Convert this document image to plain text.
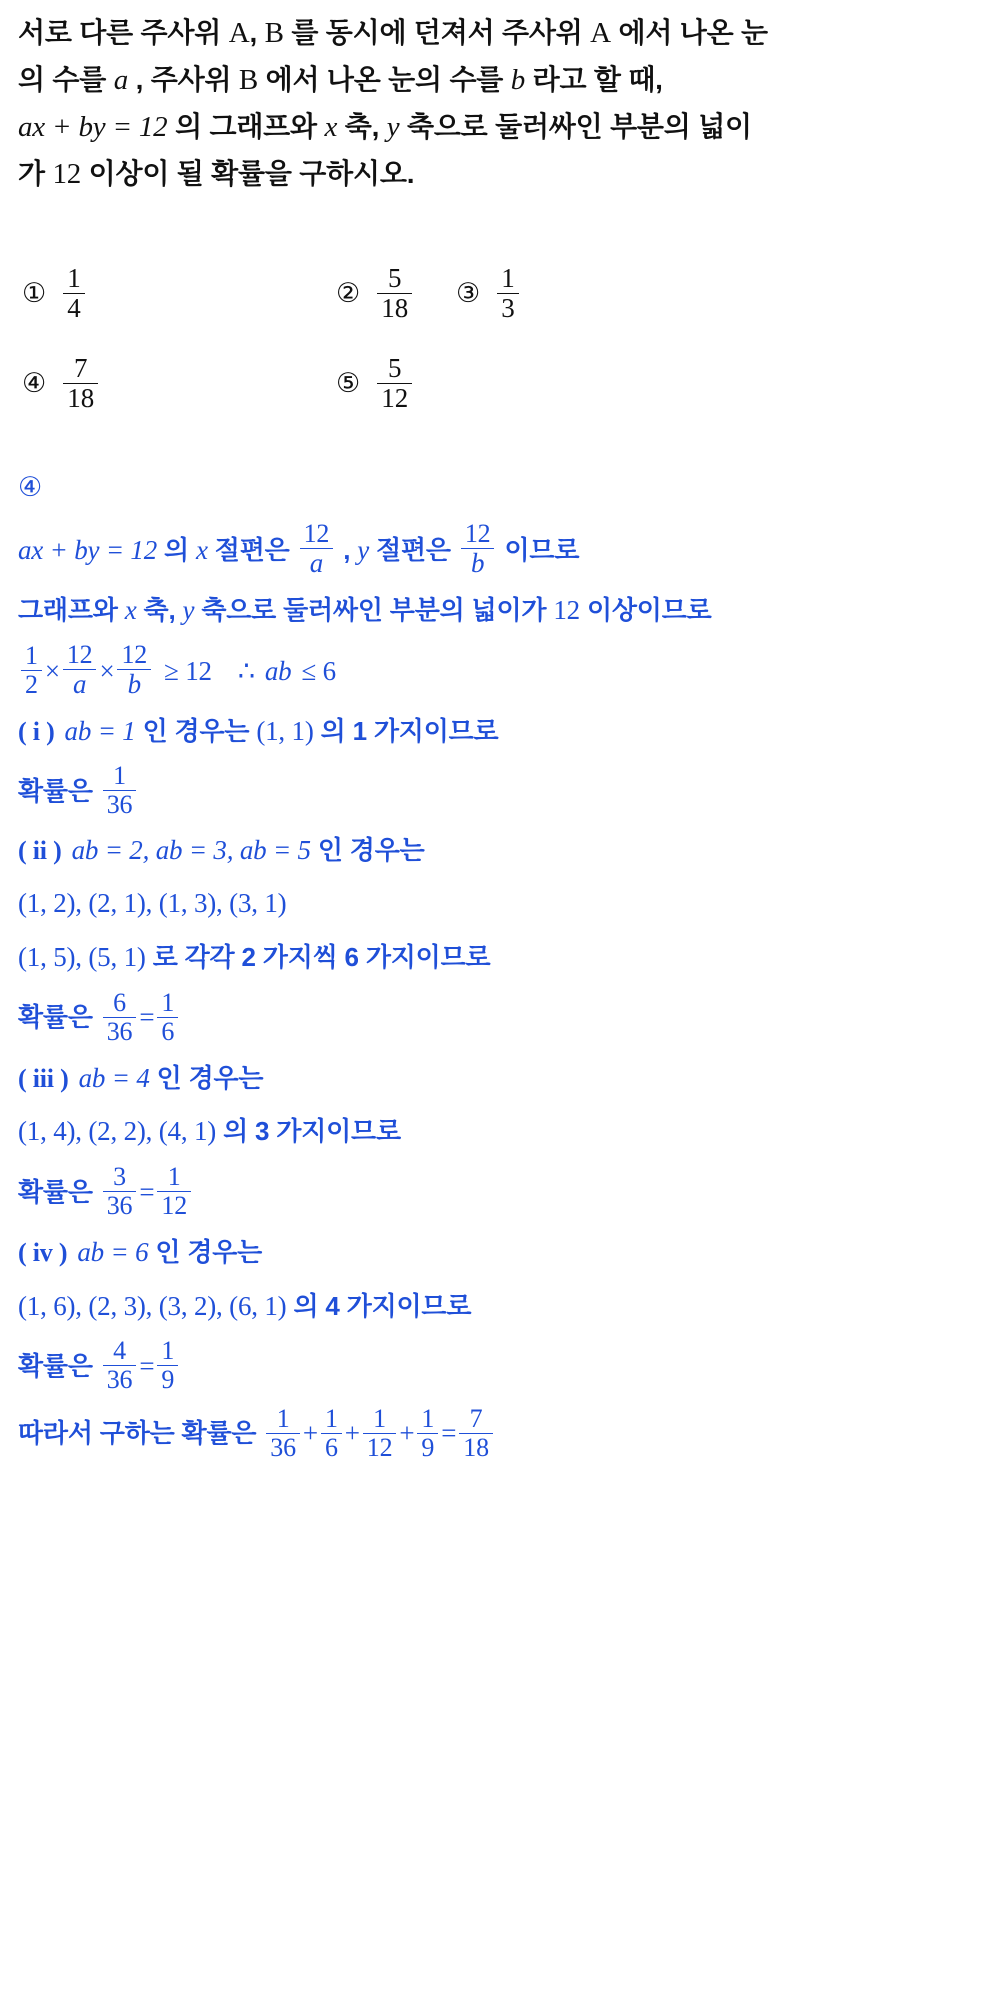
서로 다른 주사위 A, B 를 동시에 던져서 주사위 A 에서 나온 눈
의 수를 a , 주사위 B 에서 나온 눈의 수를 b 라고 할 때,
ax + by = 12 의 그래프와 x 축, y 축으로 둘러싸인 부분의 넓이
가 12 이상이 될 확률을 구하시오.
① $\frac{1}{4}$	② $\frac{5}{18}$ ③ $\frac{1}{3}$
④ $\frac{7}{18}$	⑤ $\frac{5}{12}$
④
ax + by = 12 의 x 절편은 $\frac{12}{a}$ , y 절편은 $\frac{12}{b}$ 이므로
그래프와 x 축, y 축으로 둘러싸인 부분의 넓이가 12 이상이므로
$\frac{1}{2} \times \frac{12}{a} \times \frac{12}{b} \ge 12$ ∴ ab ≤ 6
( i ) ab = 1 인 경우는 (1, 1) 의 1 가지이므로
확률은 $\frac{1}{36}$
( ii ) ab = 2, ab = 3, ab = 5 인 경우는
(1, 2), (2, 1), (1, 3), (3, 1)
(1, 5), (5, 1) 로 각각 2 가지씩 6 가지이므로
확률은 $\frac{6}{36} = \frac{1}{6}$
( iii ) ab = 4 인 경우는
(1, 4), (2, 2), (4, 1) 의 3 가지이므로
확률은 $\frac{3}{36} = \frac{1}{12}$
( iv ) ab = 6 인 경우는
(1, 6), (2, 3), (3, 2), (6, 1) 의 4 가지이므로
확률은 $\frac{4}{36} = \frac{1}{9}$
따라서 구하는 확률은 $\frac{1}{36} + \frac{1}{6} + \frac{1}{12} + \frac{1}{9} = \frac{7}{18}$
